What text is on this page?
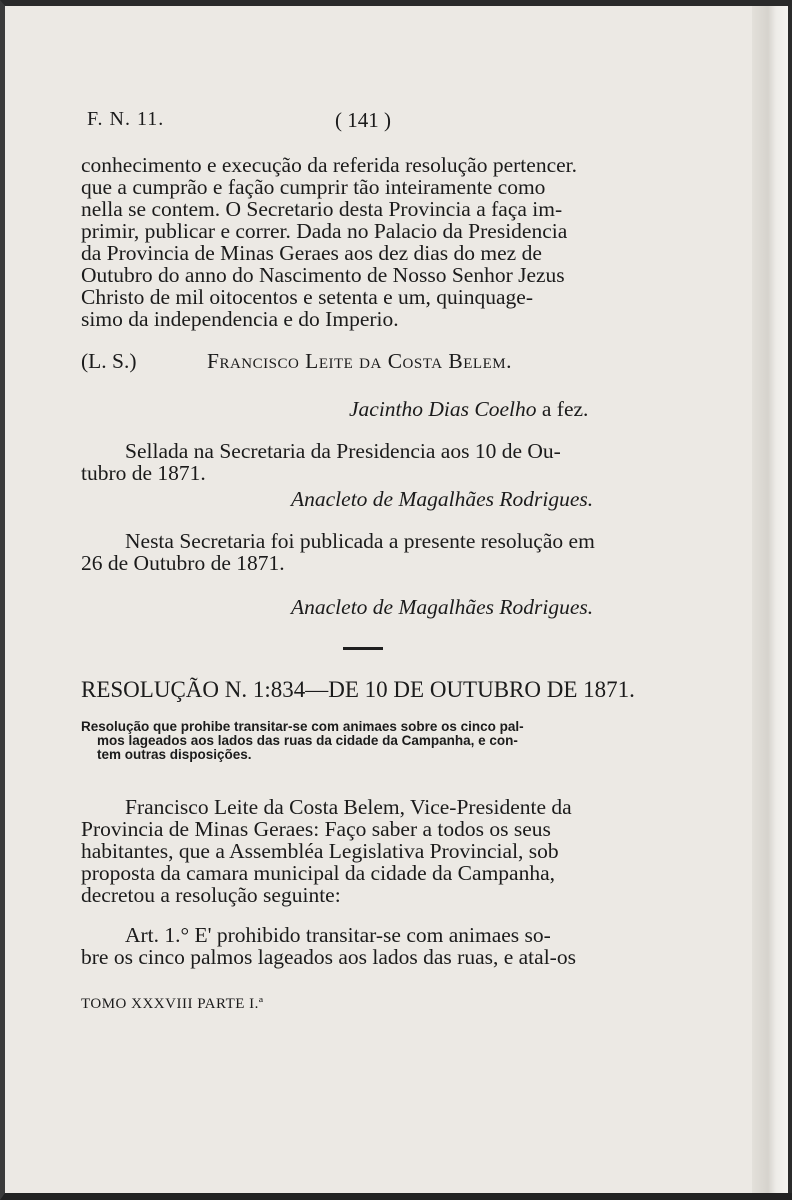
F. N. 11.	( 141 )
conhecimento e execução da referida resolução pertencer.
que a cumprão e fação cumprir tão inteiramente como
nella se contem. O Secretario desta Provincia a faça im-
primir, publicar e correr. Dada no Palacio da Presidencia
da Provincia de Minas Geraes aos dez dias do mez de
Outubro do anno do Nascimento de Nosso Senhor Jezus
Christo de mil oitocentos e setenta e um, quinquage-
simo da independencia e do Imperio.
(L. S.)	Francisco Leite da Costa Belem.
Jacintho Dias Coelho a fez.
Sellada na Secretaria da Presidencia aos 10 de Ou-
tubro de 1871.
Anacleto de Magalhães Rodrigues.
Nesta Secretaria foi publicada a presente resolução em
26 de Outubro de 1871.
Anacleto de Magalhães Rodrigues.
RESOLUÇÃO N. 1:834—DE 10 DE OUTUBRO DE 1871.
Resolução que prohibe transitar-se com animaes sobre os cinco pal-
mos lageados aos lados das ruas da cidade da Campanha, e con-
tem outras disposições.
Francisco Leite da Costa Belem, Vice-Presidente da
Provincia de Minas Geraes: Faço saber a todos os seus
habitantes, que a Assembléa Legislativa Provincial, sob
proposta da camara municipal da cidade da Campanha,
decretou a resolução seguinte:
Art. 1.° E' prohibido transitar-se com animaes so-
bre os cinco palmos lageados aos lados das ruas, e atal-os
TOMO XXXVIII PARTE I.ª
